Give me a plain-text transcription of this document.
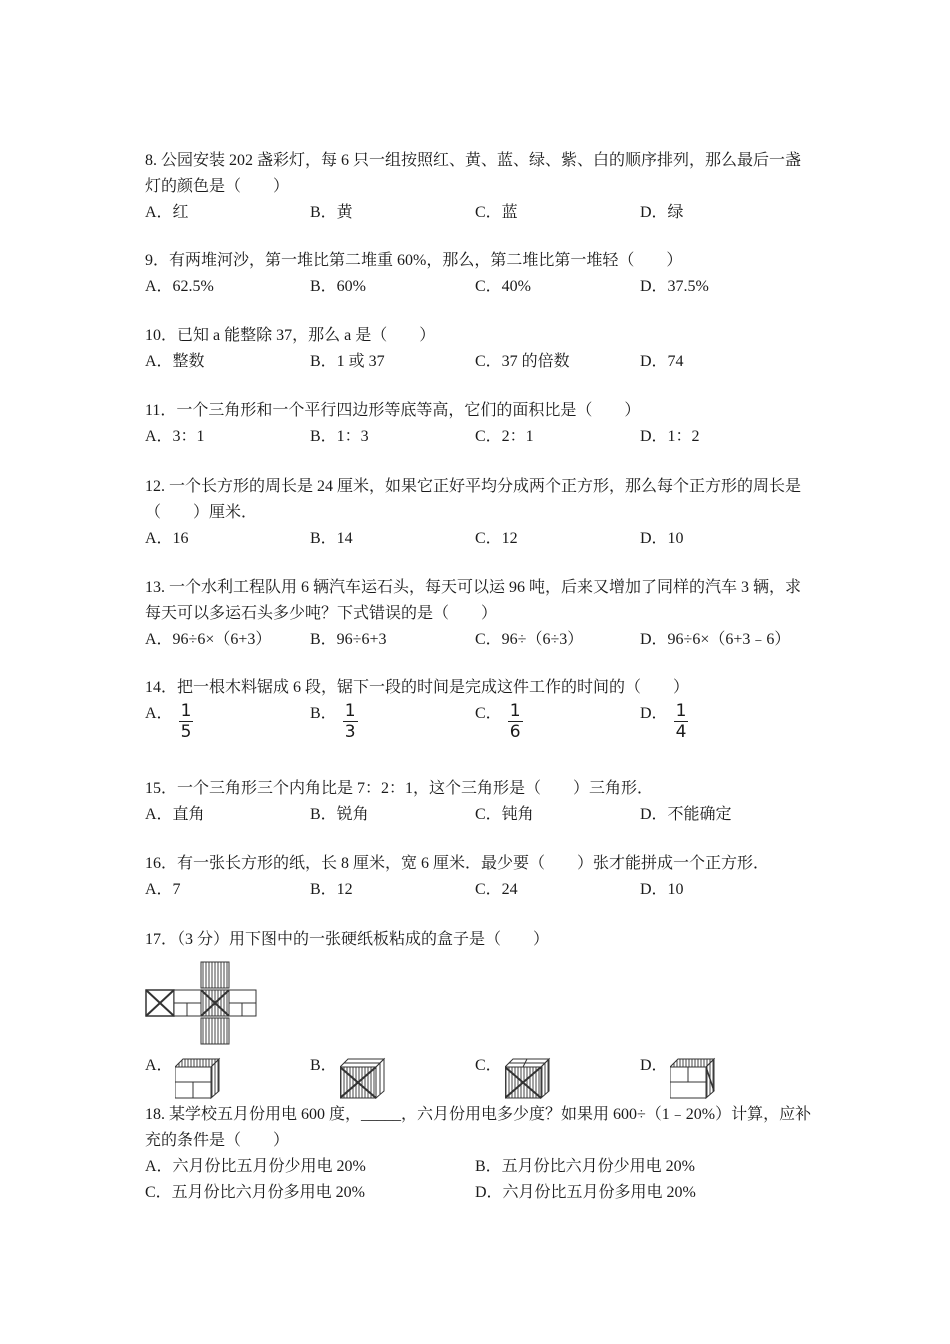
8. 公园安装 202 盏彩灯，每 6 只一组按照红、黄、蓝、绿、紫、白的顺序排列，那么最后一盏灯的颜色是（　　）

A．红	B．黄	C．蓝	D．绿

9．有两堆河沙，第一堆比第二堆重 60%，那么，第二堆比第一堆轻（　　）

A．62.5%	B．60%	C．40%	D．37.5%

10．已知 a 能整除 37，那么 a 是（　　）

A．整数	B．1 或 37	C．37 的倍数	D．74

11．一个三角形和一个平行四边形等底等高，它们的面积比是（　　）

A．3：1	B．1：3	C．2：1	D．1：2

12. 一个长方形的周长是 24 厘米，如果它正好平均分成两个正方形，那么每个正方形的周长是（　　）厘米．

A．16	B．14	C．12	D．10

13. 一个水利工程队用 6 辆汽车运石头，每天可以运 96 吨，后来又增加了同样的汽车 3 辆，求每天可以多运石头多少吨？下式错误的是（　　）

A．96÷6×（6+3） B．96÷6+3	C．96÷（6÷3）	D．96÷6×（6+3﹣6）

14．把一根木料锯成 6 段，锯下一段的时间是完成这件工作的时间的（　　）

A． $\frac{1}{5}$	B． $\frac{1}{3}$	C． $\frac{1}{6}$	D． $\frac{1}{4}$

15．一个三角形三个内角比是 7：2：1，这个三角形是（　　）三角形．

A．直角	B．锐角	C．钝角	D．不能确定

16．有一张长方形的纸，长 8 厘米，宽 6 厘米．最少要（　　）张才能拼成一个正方形．

A．7	B．12	C．24	D．10

17．（3 分）用下图中的一张硬纸板粘成的盒子是（　　）

A．	B．	C．	D．

18. 某学校五月份用电 600 度，_____，六月份用电多少度？如果用 600÷（1﹣20%）计算，应补充的条件是（　　）

A．六月份比五月份少用电 20%	B．五月份比六月份少用电 20%
C．五月份比六月份多用电 20%	D．六月份比五月份多用电 20%
